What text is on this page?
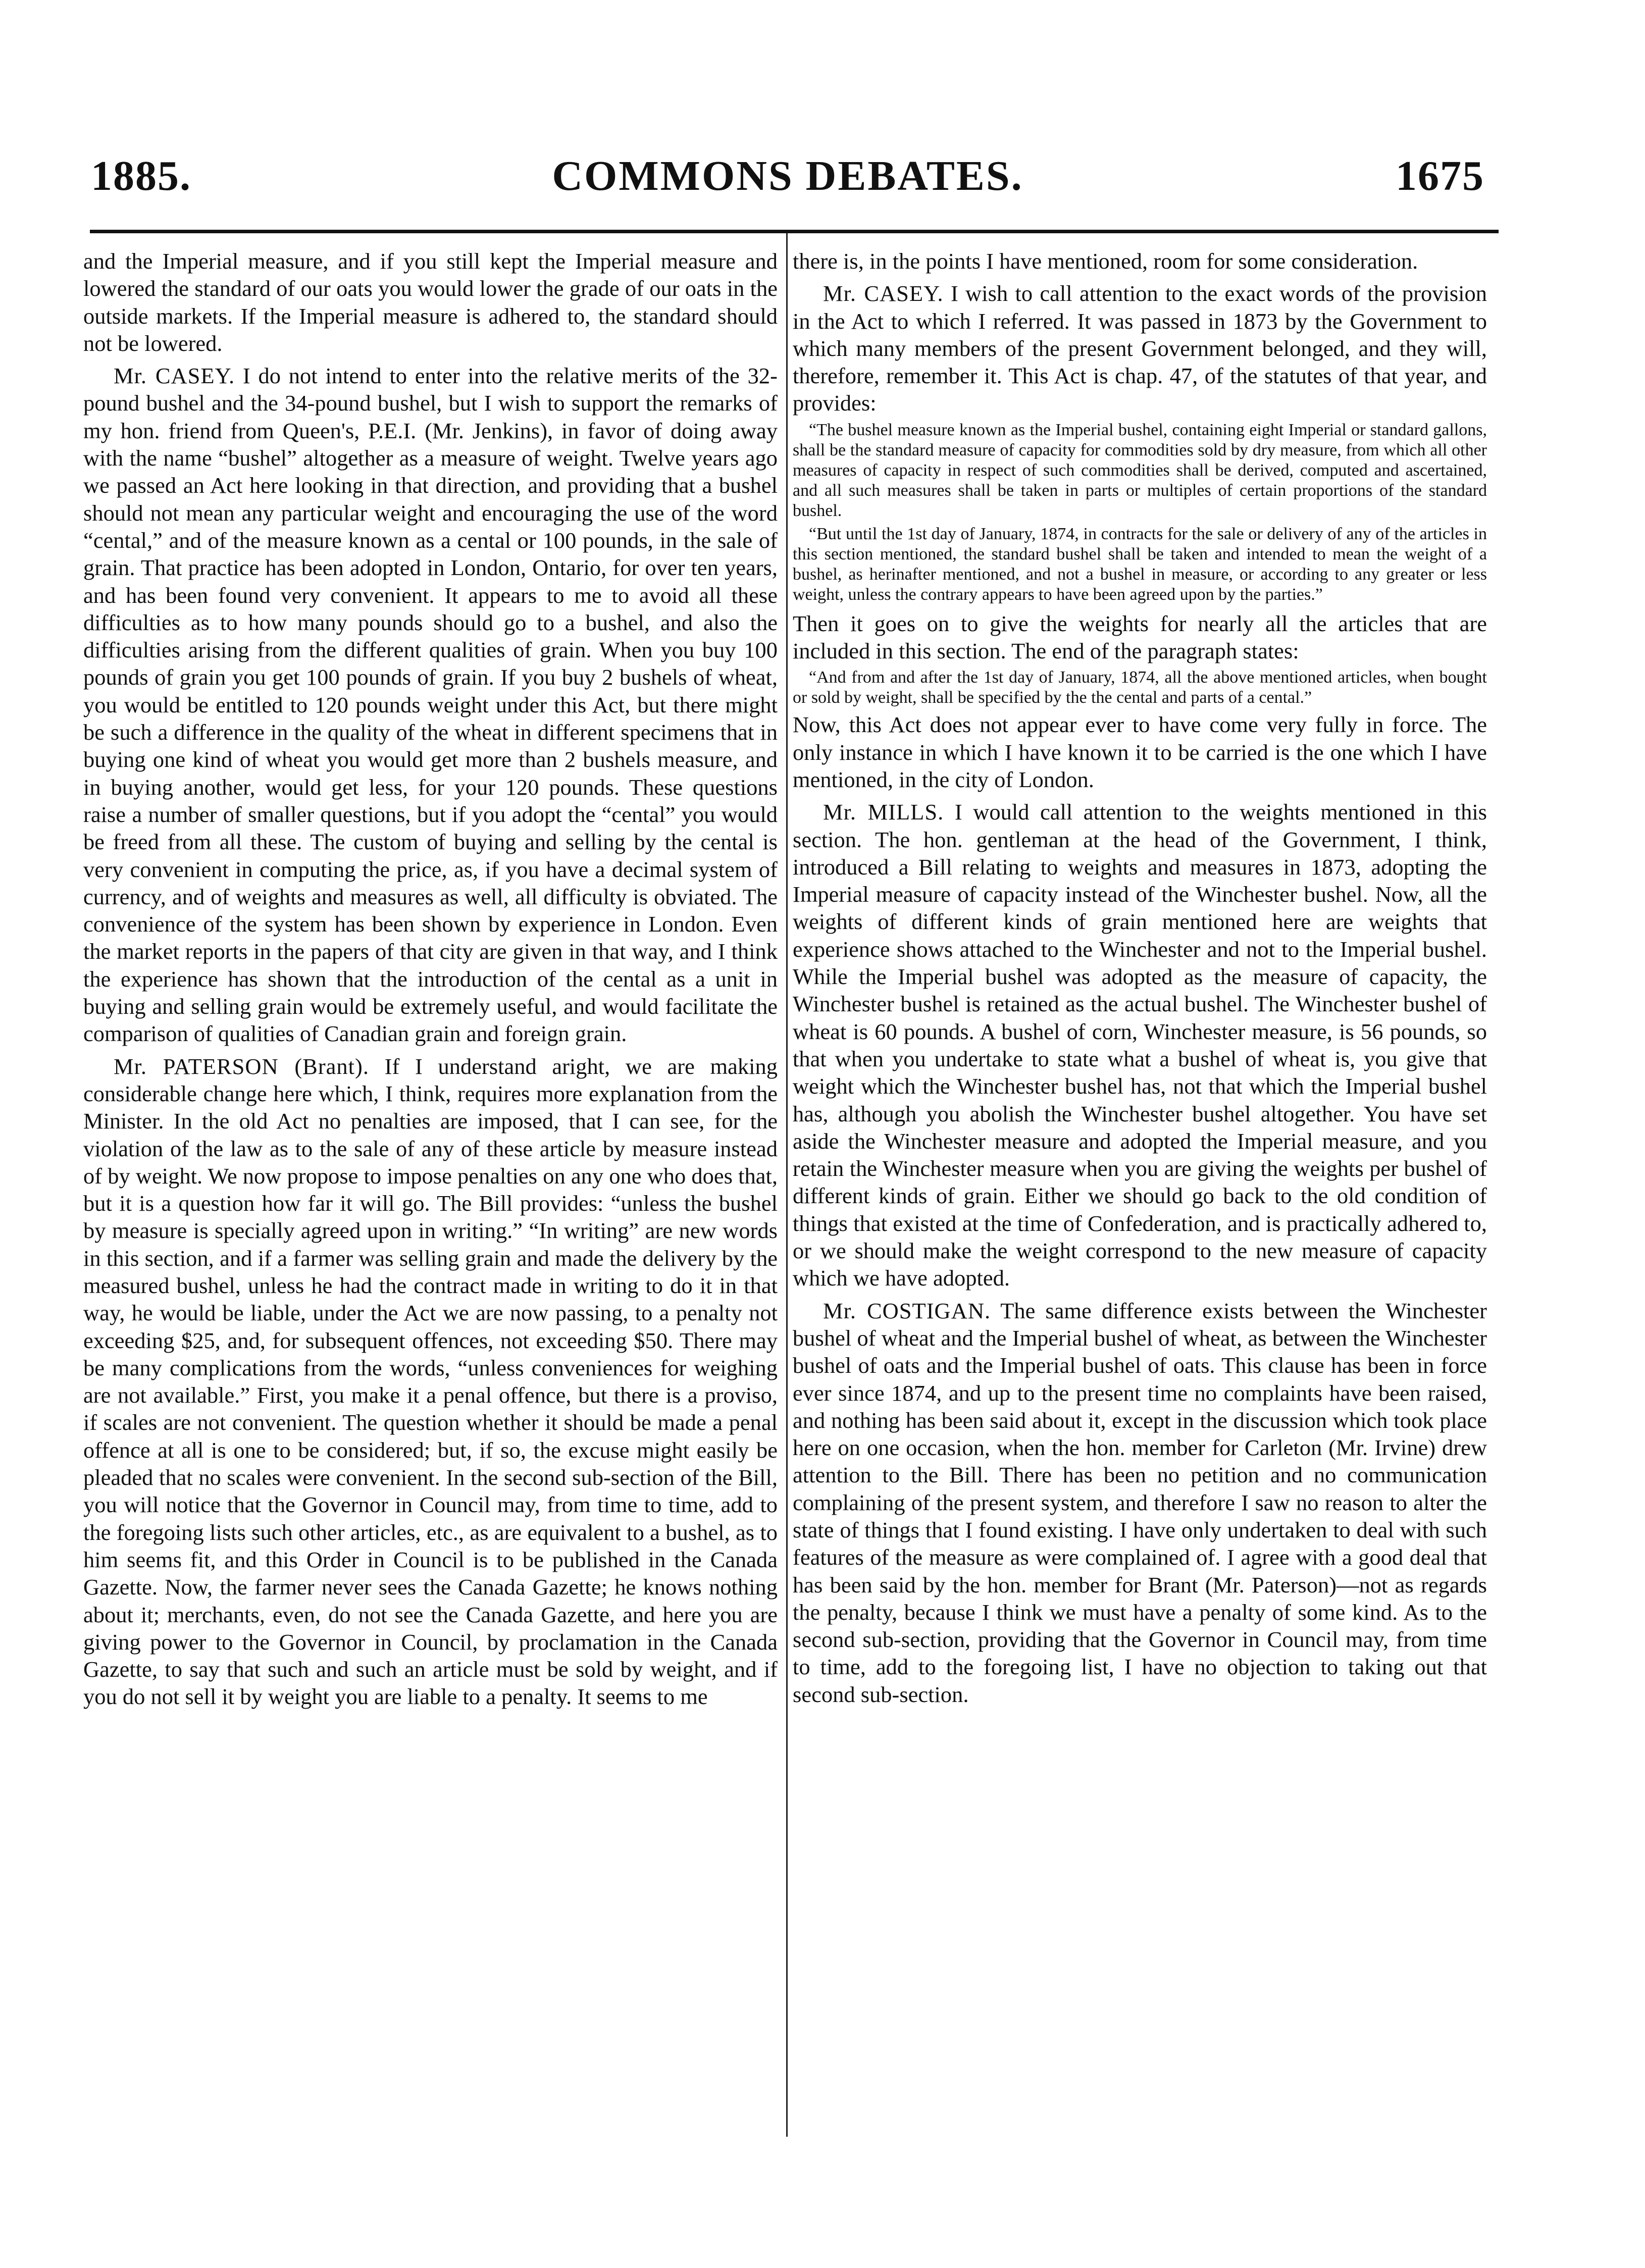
1885.	COMMONS DEBATES.	1675

and the Imperial measure, and if you still kept the Imperial measure and lowered the standard of our oats you would lower the grade of our oats in the outside markets. If the Imperial measure is adhered to, the standard should not be lowered.

Mr. CASEY. I do not intend to enter into the relative merits of the 32-pound bushel and the 34-pound bushel, but I wish to support the remarks of my hon. friend from Queen's, P.E.I. (Mr. Jenkins), in favor of doing away with the name “bushel” altogether as a measure of weight. Twelve years ago we passed an Act here looking in that direction, and providing that a bushel should not mean any particular weight and encouraging the use of the word “cental,” and of the measure known as a cental or 100 pounds, in the sale of grain. That practice has been adopted in London, Ontario, for over ten years, and has been found very convenient. It appears to me to avoid all these difficulties as to how many pounds should go to a bushel, and also the difficulties arising from the different qualities of grain. When you buy 100 pounds of grain you get 100 pounds of grain. If you buy 2 bushels of wheat, you would be entitled to 120 pounds weight under this Act, but there might be such a difference in the quality of the wheat in different specimens that in buying one kind of wheat you would get more than 2 bushels measure, and in buying another, would get less, for your 120 pounds. These questions raise a number of smaller questions, but if you adopt the “cental” you would be freed from all these. The custom of buying and selling by the cental is very convenient in computing the price, as, if you have a decimal system of currency, and of weights and measures as well, all difficulty is obviated. The convenience of the system has been shown by experience in London. Even the market reports in the papers of that city are given in that way, and I think the experience has shown that the introduction of the cental as a unit in buying and selling grain would be extremely useful, and would facilitate the comparison of qualities of Canadian grain and foreign grain.

Mr. PATERSON (Brant). If I understand aright, we are making considerable change here which, I think, requires more explanation from the Minister. In the old Act no penalties are imposed, that I can see, for the violation of the law as to the sale of any of these article by measure instead of by weight. We now propose to impose penalties on any one who does that, but it is a question how far it will go. The Bill provides: “unless the bushel by measure is specially agreed upon in writing.” “In writing” are new words in this section, and if a farmer was selling grain and made the delivery by the measured bushel, unless he had the contract made in writing to do it in that way, he would be liable, under the Act we are now passing, to a penalty not exceeding $25, and, for subsequent offences, not exceeding $50. There may be many complications from the words, “unless conveniences for weighing are not available.” First, you make it a penal offence, but there is a proviso, if scales are not convenient. The question whether it should be made a penal offence at all is one to be considered; but, if so, the excuse might easily be pleaded that no scales were convenient. In the second sub-section of the Bill, you will notice that the Governor in Council may, from time to time, add to the foregoing lists such other articles, etc., as are equivalent to a bushel, as to him seems fit, and this Order in Council is to be published in the Canada Gazette. Now, the farmer never sees the Canada Gazette; he knows nothing about it; merchants, even, do not see the Canada Gazette, and here you are giving power to the Governor in Council, by proclamation in the Canada Gazette, to say that such and such an article must be sold by weight, and if you do not sell it by weight you are liable to a penalty. It seems to me

there is, in the points I have mentioned, room for some consideration.

Mr. CASEY. I wish to call attention to the exact words of the provision in the Act to which I referred. It was passed in 1873 by the Government to which many members of the present Government belonged, and they will, therefore, remember it. This Act is chap. 47, of the statutes of that year, and provides:

“The bushel measure known as the Imperial bushel, containing eight Imperial or standard gallons, shall be the standard measure of capacity for commodities sold by dry measure, from which all other measures of capacity in respect of such commodities shall be derived, computed and ascertained, and all such measures shall be taken in parts or multiples of certain proportions of the standard bushel.

“But until the 1st day of January, 1874, in contracts for the sale or delivery of any of the articles in this section mentioned, the standard bushel shall be taken and intended to mean the weight of a bushel, as herinafter mentioned, and not a bushel in measure, or according to any greater or less weight, unless the contrary appears to have been agreed upon by the parties.”

Then it goes on to give the weights for nearly all the articles that are included in this section. The end of the paragraph states:

“And from and after the 1st day of January, 1874, all the above mentioned articles, when bought or sold by weight, shall be specified by the the cental and parts of a cental.”

Now, this Act does not appear ever to have come very fully in force. The only instance in which I have known it to be carried is the one which I have mentioned, in the city of London.

Mr. MILLS. I would call attention to the weights mentioned in this section. The hon. gentleman at the head of the Government, I think, introduced a Bill relating to weights and measures in 1873, adopting the Imperial measure of capacity instead of the Winchester bushel. Now, all the weights of different kinds of grain mentioned here are weights that experience shows attached to the Winchester and not to the Imperial bushel. While the Imperial bushel was adopted as the measure of capacity, the Winchester bushel is retained as the actual bushel. The Winchester bushel of wheat is 60 pounds. A bushel of corn, Winchester measure, is 56 pounds, so that when you undertake to state what a bushel of wheat is, you give that weight which the Winchester bushel has, not that which the Imperial bushel has, although you abolish the Winchester bushel altogether. You have set aside the Winchester measure and adopted the Imperial measure, and you retain the Winchester measure when you are giving the weights per bushel of different kinds of grain. Either we should go back to the old condition of things that existed at the time of Confederation, and is practically adhered to, or we should make the weight correspond to the new measure of capacity which we have adopted.

Mr. COSTIGAN. The same difference exists between the Winchester bushel of wheat and the Imperial bushel of wheat, as between the Winchester bushel of oats and the Imperial bushel of oats. This clause has been in force ever since 1874, and up to the present time no complaints have been raised, and nothing has been said about it, except in the discussion which took place here on one occasion, when the hon. member for Carleton (Mr. Irvine) drew attention to the Bill. There has been no petition and no communication complaining of the present system, and therefore I saw no reason to alter the state of things that I found existing. I have only undertaken to deal with such features of the measure as were complained of. I agree with a good deal that has been said by the hon. member for Brant (Mr. Paterson)—not as regards the penalty, because I think we must have a penalty of some kind. As to the second sub-section, providing that the Governor in Council may, from time to time, add to the foregoing list, I have no objection to taking out that second sub-section.
